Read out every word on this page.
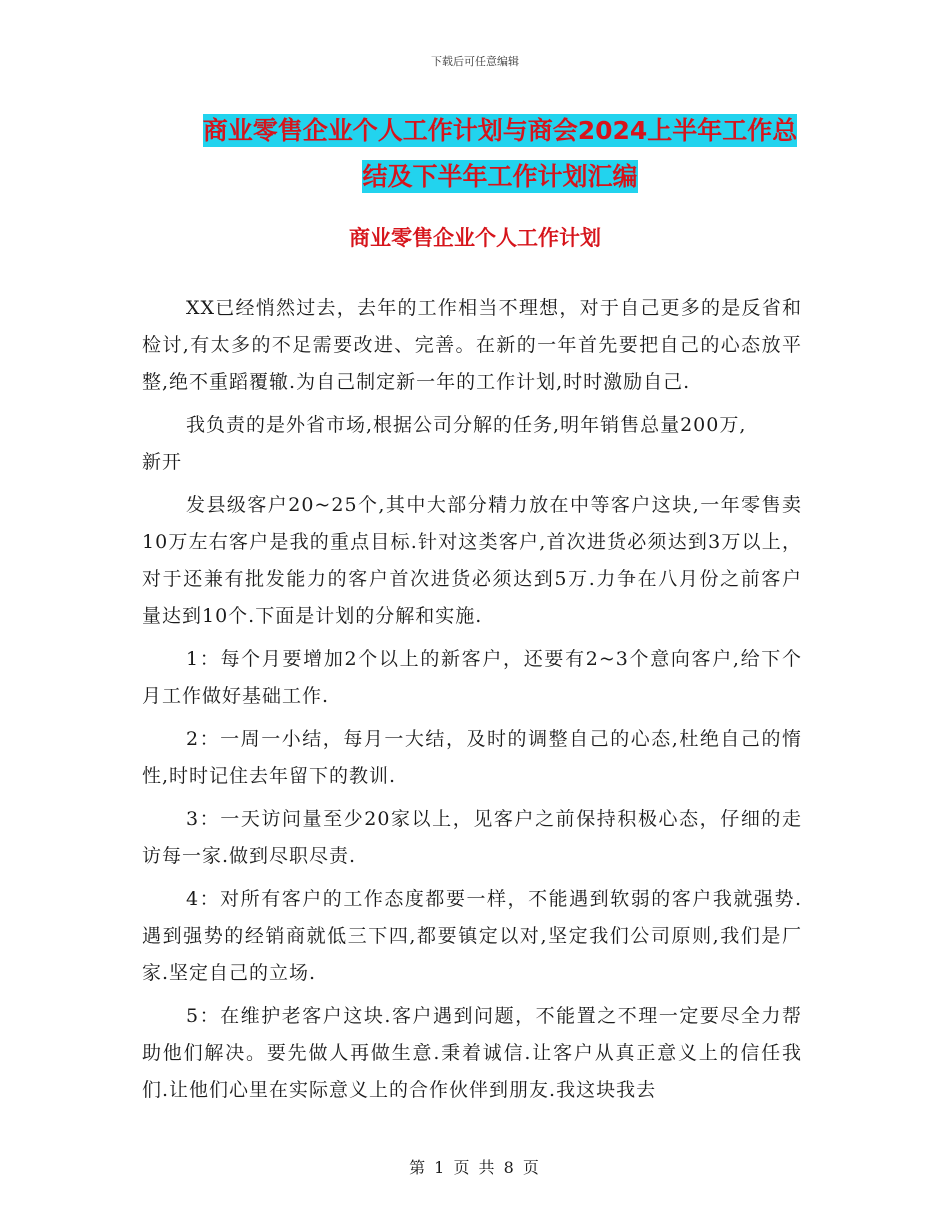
下载后可任意编辑
商业零售企业个人工作计划与商会2024上半年工作总
结及下半年工作计划汇编
商业零售企业个人工作计划

XX已经悄然过去，去年的工作相当不理想，对于自己更多的是反省和检讨,有太多的不足需要改进、完善。在新的一年首先要把自己的心态放平整,绝不重蹈覆辙.为自己制定新一年的工作计划,时时激励自己.

我负责的是外省市场,根据公司分解的任务,明年销售总量200万,

新开

发县级客户20~25个,其中大部分精力放在中等客户这块,一年零售卖10万左右客户是我的重点目标.针对这类客户,首次进货必须达到3万以上，对于还兼有批发能力的客户首次进货必须达到5万.力争在八月份之前客户量达到10个.下面是计划的分解和实施.

1：每个月要增加2个以上的新客户，还要有2~3个意向客户,给下个月工作做好基础工作.

2：一周一小结，每月一大结，及时的调整自己的心态,杜绝自己的惰性,时时记住去年留下的教训.

3：一天访问量至少20家以上，见客户之前保持积极心态，仔细的走访每一家.做到尽职尽责.

4：对所有客户的工作态度都要一样，不能遇到软弱的客户我就强势.遇到强势的经销商就低三下四,都要镇定以对,坚定我们公司原则,我们是厂家.坚定自己的立场.

5：在维护老客户这块.客户遇到问题，不能置之不理一定要尽全力帮助他们解决。要先做人再做生意.秉着诚信.让客户从真正意义上的信任我们.让他们心里在实际意义上的合作伙伴到朋友.我这块我去

第 1 页 共 8 页
